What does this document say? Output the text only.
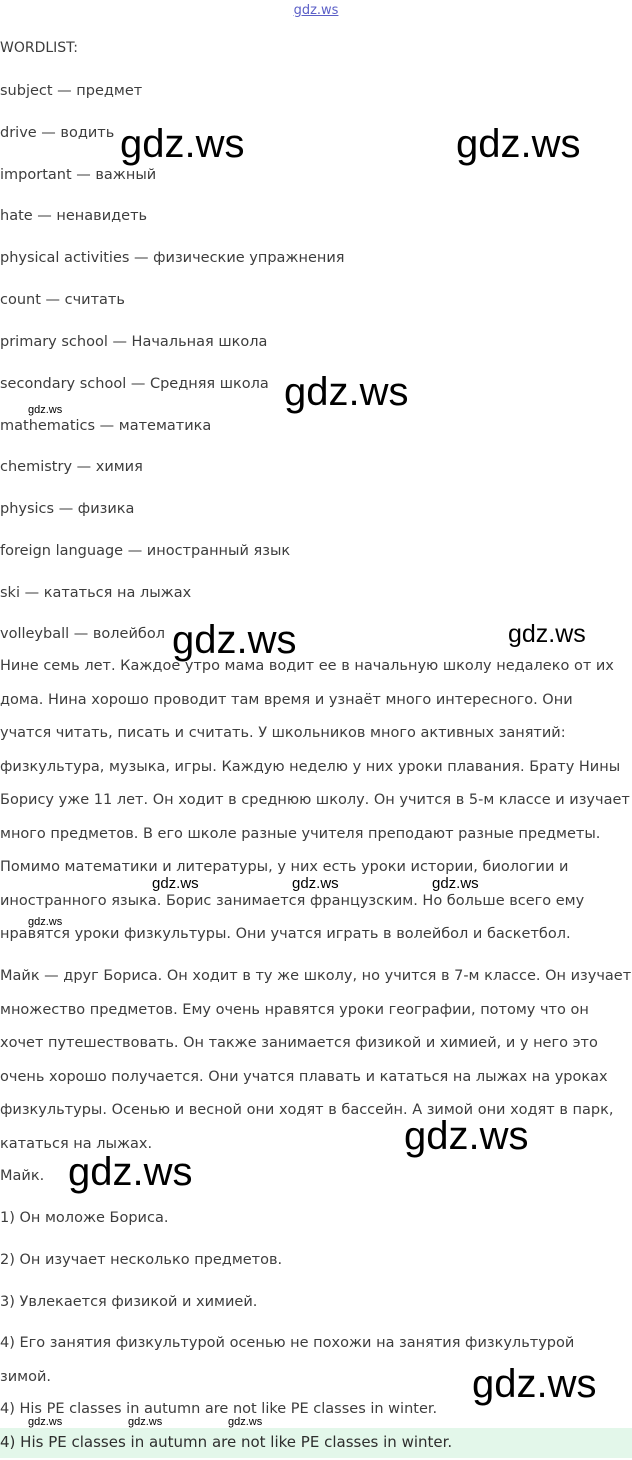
gdz.ws
WORDLIST:
subject — предмет
drive — водить
important — важный
hate — ненавидеть
physical activities — физические упражнения
count — считать
primary school — Начальная школа
secondary school — Средняя школа
mathematics — математика
chemistry — химия
physics — физика
foreign language — иностранный язык
ski — кататься на лыжах
volleyball — волейбол
Нине семь лет. Каждое утро мама водит ее в начальную школу недалеко от их
дома. Нина хорошо проводит там время и узнаёт много интересного. Они
учатся читать, писать и считать. У школьников много активных занятий:
физкультура, музыка, игры. Каждую неделю у них уроки плавания. Брату Нины
Борису уже 11 лет. Он ходит в среднюю школу. Он учится в 5-м классе и изучает
много предметов. В его школе разные учителя преподают разные предметы.
Помимо математики и литературы, у них есть уроки истории, биологии и
иностранного языка. Борис занимается французским. Но больше всего ему
нравятся уроки физкультуры. Они учатся играть в волейбол и баскетбол.
Майк — друг Бориса. Он ходит в ту же школу, но учится в 7-м классе. Он изучает
множество предметов. Ему очень нравятся уроки географии, потому что он
хочет путешествовать. Он также занимается физикой и химией, и у него это
очень хорошо получается. Они учатся плавать и кататься на лыжах на уроках
физкультуры. Осенью и весной они ходят в бассейн. А зимой они ходят в парк,
кататься на лыжах.
Майк.
1) Он моложе Бориса.
2) Он изучает несколько предметов.
3) Увлекается физикой и химией.
4) Его занятия физкультурой осенью не похожи на занятия физкультурой
зимой.
4) His PE classes in autumn are not like PE classes in winter.
4) His PE classes in autumn are not like PE classes in winter.
gdz.ws	gdz.ws
gdz.ws
gdz.ws
gdz.ws	gdz.ws
gdz.ws	gdz.ws	gdz.ws
gdz.ws
gdz.ws
gdz.ws
gdz.ws
gdz.ws	gdz.ws	gdz.ws
